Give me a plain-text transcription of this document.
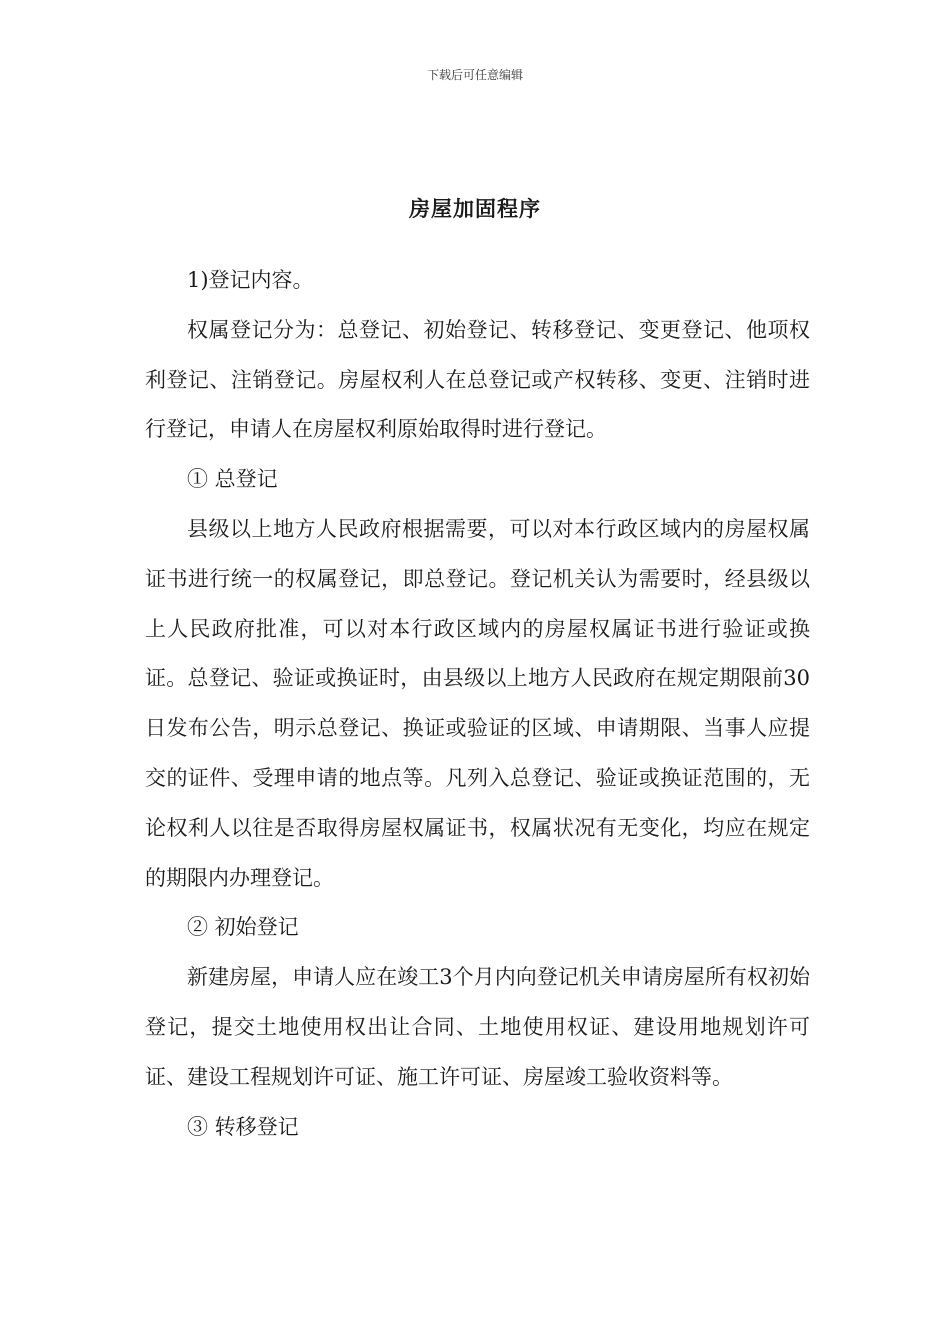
下载后可任意编辑
房屋加固程序

1)登记内容。

权属登记分为：总登记、初始登记、转移登记、变更登记、他项权利登记、注销登记。房屋权利人在总登记或产权转移、变更、注销时进行登记，申请人在房屋权利原始取得时进行登记。

① 总登记

县级以上地方人民政府根据需要，可以对本行政区域内的房屋权属证书进行统一的权属登记，即总登记。登记机关认为需要时，经县级以上人民政府批准，可以对本行政区域内的房屋权属证书进行验证或换证。总登记、验证或换证时，由县级以上地方人民政府在规定期限前30日发布公告，明示总登记、换证或验证的区域、申请期限、当事人应提交的证件、受理申请的地点等。凡列入总登记、验证或换证范围的，无论权利人以往是否取得房屋权属证书，权属状况有无变化，均应在规定的期限内办理登记。

② 初始登记

新建房屋，申请人应在竣工3个月内向登记机关申请房屋所有权初始登记，提交土地使用权出让合同、土地使用权证、建设用地规划许可证、建设工程规划许可证、施工许可证、房屋竣工验收资料等。

③ 转移登记
